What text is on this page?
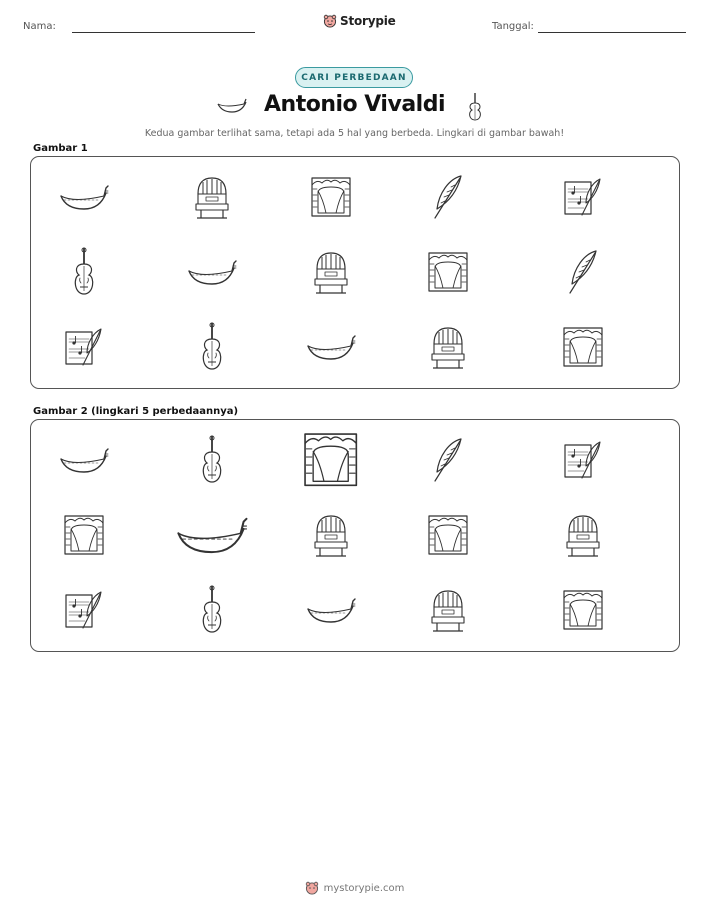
Nama:	Storypie	Tanggal:
CARI PERBEDAAN
Antonio Vivaldi
Kedua gambar terlihat sama, tetapi ada 5 hal yang berbeda. Lingkari di gambar bawah!
Gambar 1
Gambar 2 (lingkari 5 perbedaannya)
mystorypie.com
